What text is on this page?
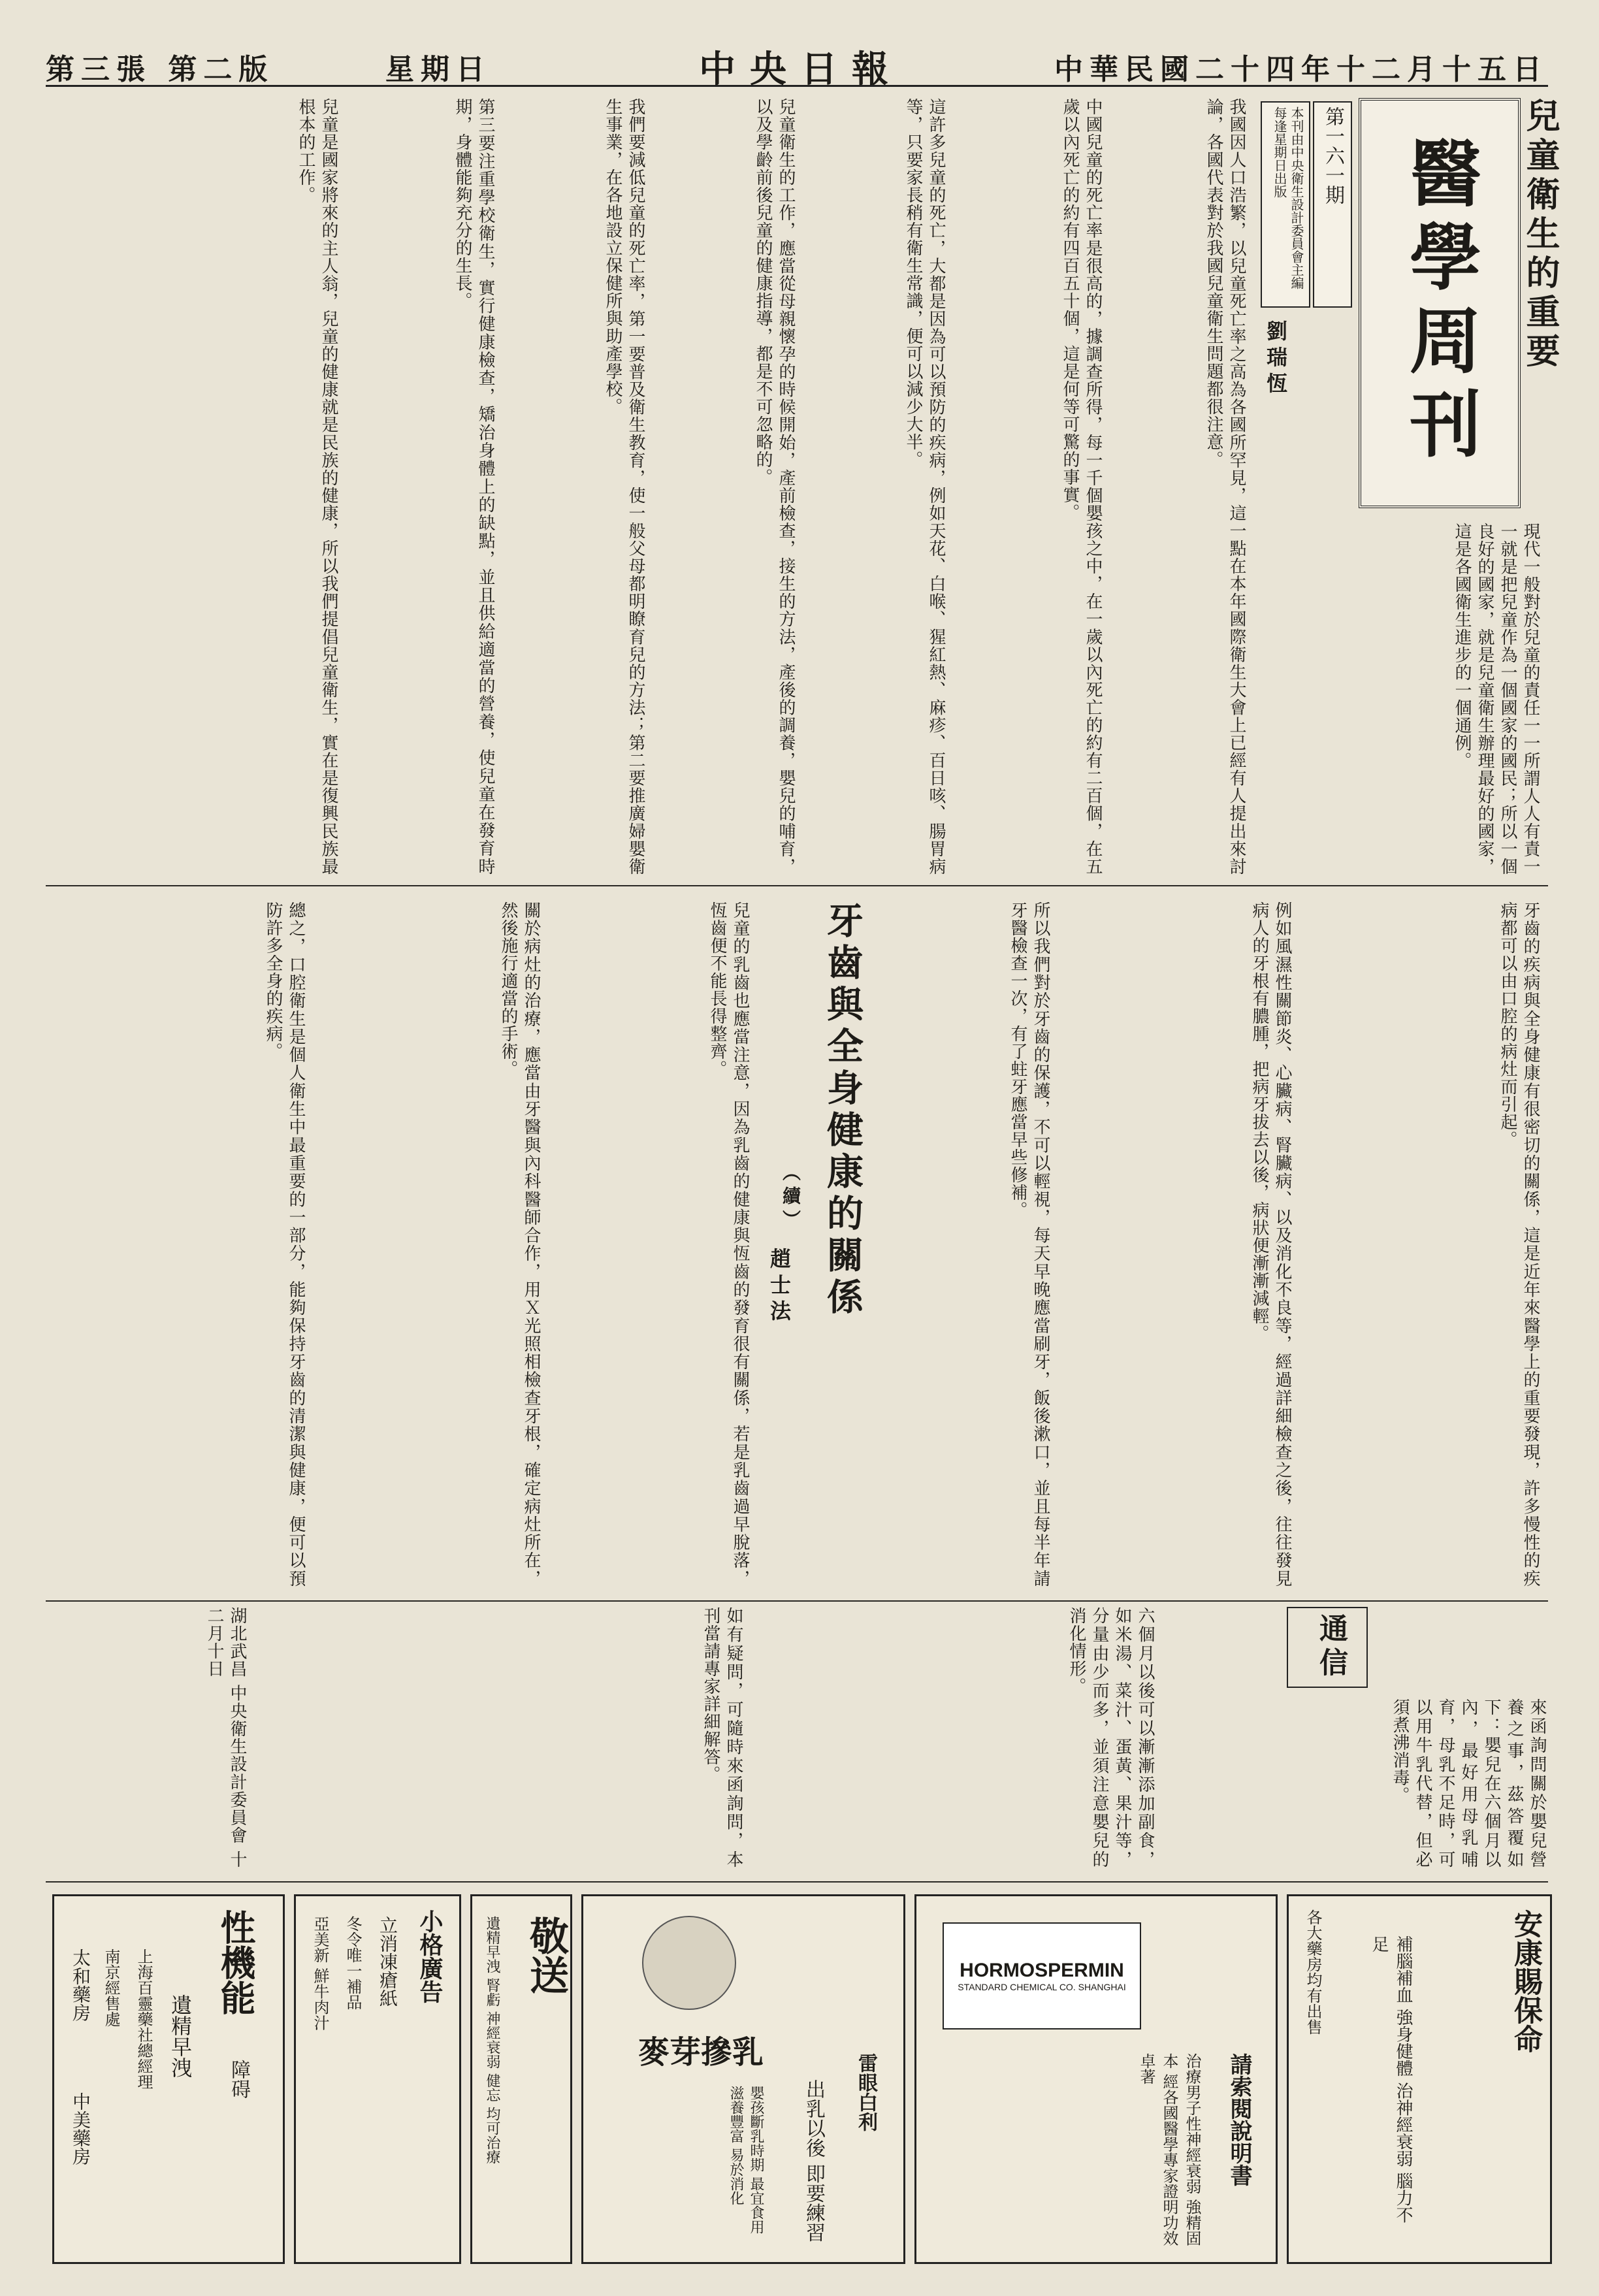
中華民國二十四年十二月十五日
中央日報
星期日
第三張 第二版
醫學周刊
第一六一期
本刊由中央衛生設計委員會主編 每逢星期日出版	兒童衛生的重要
劉瑞恆
現代一般對於兒童的責任一一所謂人人有責一一就是把兒童作為一個國家的國民；所以一個良好的國家，就是兒童衛生辦理最好的國家，這是各國衛生進步的一個通例。
我國因人口浩繁，以兒童死亡率之高為各國所罕見，這一點在本年國際衛生大會上已經有人提出來討論，各國代表對於我國兒童衛生問題都很注意。
中國兒童的死亡率是很高的，據調查所得，每一千個嬰孩之中，在一歲以內死亡的約有二百個，在五歲以內死亡的約有四百五十個，這是何等可驚的事實。
這許多兒童的死亡，大都是因為可以預防的疾病，例如天花、白喉、猩紅熱、麻疹、百日咳、腸胃病等，只要家長稍有衛生常識，便可以減少大半。
兒童衛生的工作，應當從母親懷孕的時候開始，產前檢查，接生的方法，產後的調養，嬰兒的哺育，以及學齡前後兒童的健康指導，都是不可忽略的。
我們要減低兒童的死亡率，第一要普及衛生教育，使一般父母都明瞭育兒的方法；第二要推廣婦嬰衛生事業，在各地設立保健所與助產學校。
第三要注重學校衛生，實行健康檢查，矯治身體上的缺點，並且供給適當的營養，使兒童在發育時期，身體能夠充分的生長。
兒童是國家將來的主人翁，兒童的健康就是民族的健康，所以我們提倡兒童衛生，實在是復興民族最根本的工作。
牙齒與全身健康的關係
（續）
趙士法	牙齒的疾病與全身健康有很密切的關係，這是近年來醫學上的重要發現，許多慢性的疾病都可以由口腔的病灶而引起。
例如風濕性關節炎、心臟病、腎臟病、以及消化不良等，經過詳細檢查之後，往往發見病人的牙根有膿腫，把病牙拔去以後，病狀便漸漸減輕。
所以我們對於牙齒的保護，不可以輕視，每天早晚應當刷牙，飯後漱口，並且每半年請牙醫檢查一次，有了蛀牙應當早些修補。
兒童的乳齒也應當注意，因為乳齒的健康與恆齒的發育很有關係，若是乳齒過早脫落，恆齒便不能長得整齊。
關於病灶的治療，應當由牙醫與內科醫師合作，用Ｘ光照相檢查牙根，確定病灶所在，然後施行適當的手術。
總之，口腔衛生是個人衛生中最重要的一部分，能夠保持牙齒的清潔與健康，便可以預防許多全身的疾病。
通信
來函詢問關於嬰兒營養之事，茲答覆如下：嬰兒在六個月以內，最好用母乳哺育，母乳不足時，可以用牛乳代替，但必須煮沸消毒。
六個月以後可以漸漸添加副食，如米湯、菜汁、蛋黃、果汁等，分量由少而多，並須注意嬰兒的消化情形。
如有疑問，可隨時來函詢問，本刊當請專家詳細解答。
湖北武昌 中央衛生設計委員會 十二月十日
安康賜保命
各大藥房均有出售	補腦補血 強身健體 治神經衰弱 腦力不足
HORMOSPERMIN
STANDARD CHEMICAL CO. SHANGHAI
請索閱說明書
治療男子性神經衰弱 強精固本 經各國醫學專家證明功效卓著
雷眼白利
麥芽摻乳
出乳以後 即要練習
嬰孩斷乳時期 最宜食用 滋養豐富 易於消化
敬送
遺精早洩 腎虧 神經衰弱 健忘 均可治療
小格廣告
立消凍瘡紙
冬令唯一補品
亞美新 鮮牛肉汁
性機能
障碍
遺精早洩
上海百靈藥社總經理
南京經售處
太和藥房
中美藥房
